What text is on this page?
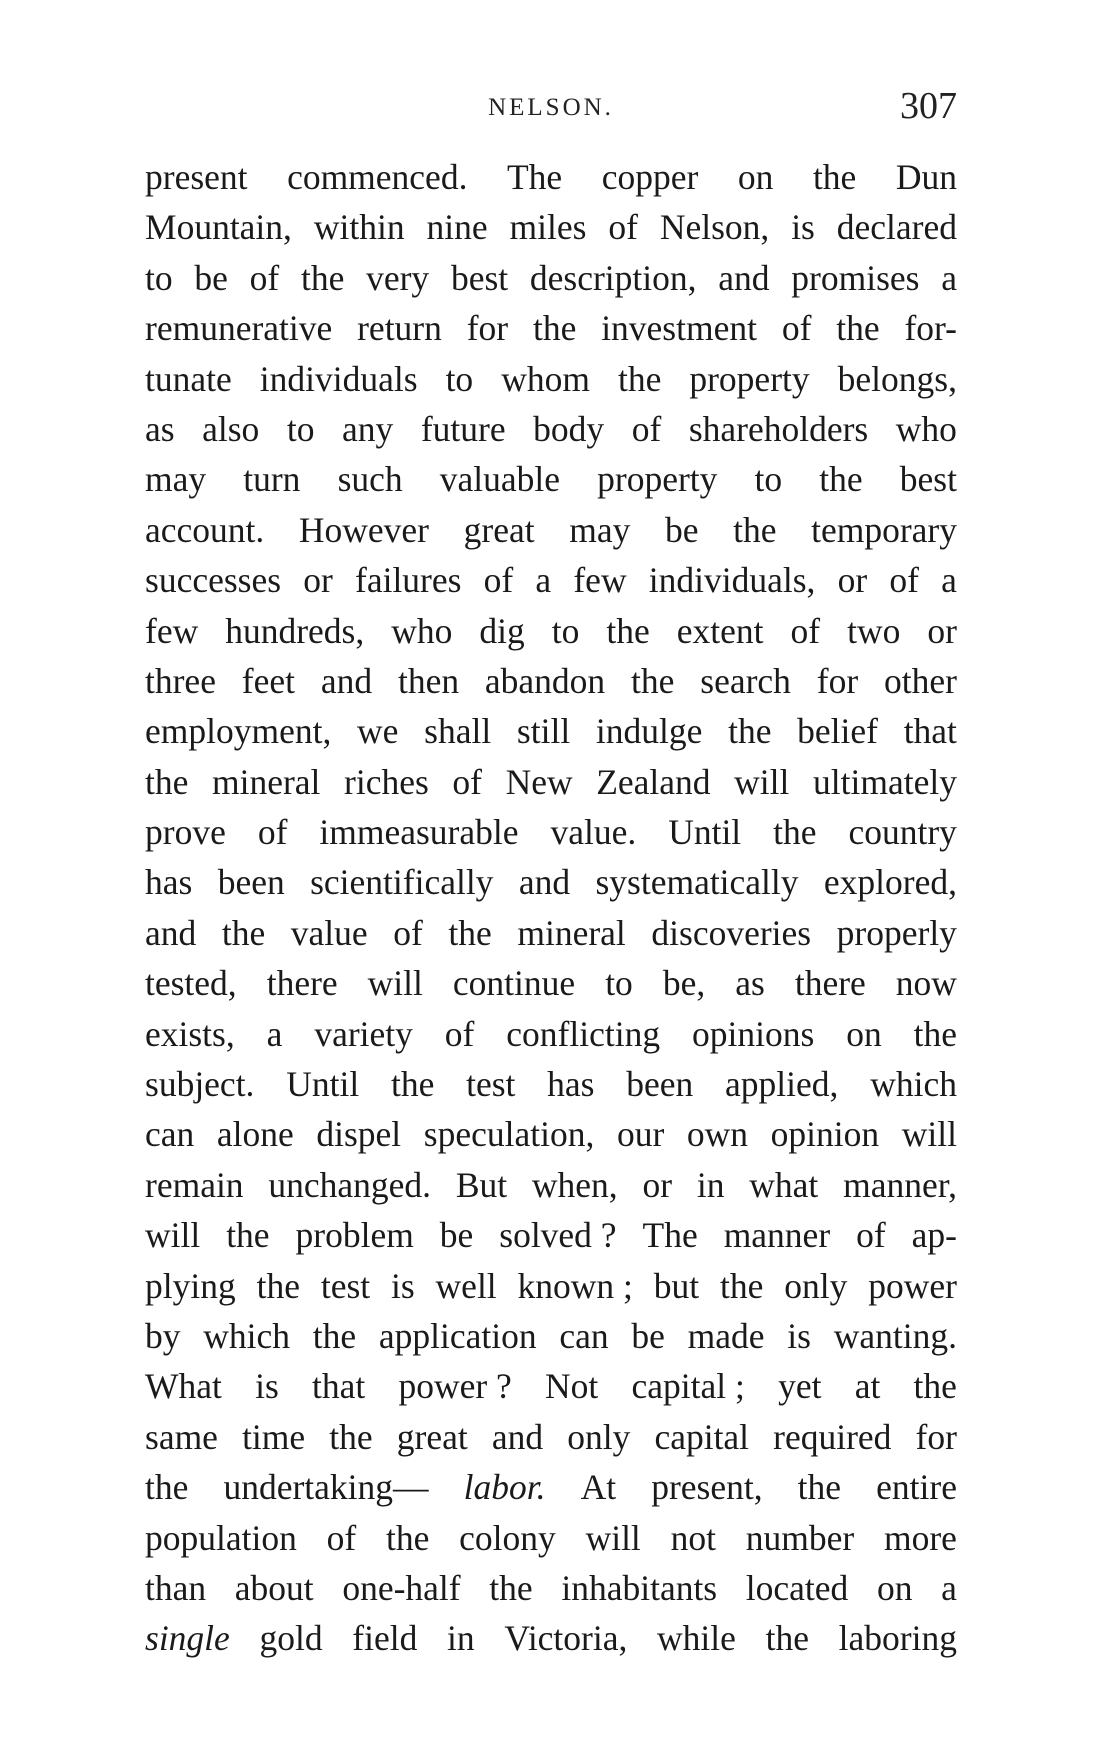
NELSON.	307
present commenced. The copper on the Dun
Mountain, within nine miles of Nelson, is declared
to be of the very best description, and promises a
remunerative return for the investment of the for-
tunate individuals to whom the property belongs,
as also to any future body of shareholders who
may turn such valuable property to the best
account. However great may be the temporary
successes or failures of a few individuals, or of a
few hundreds, who dig to the extent of two or
three feet and then abandon the search for other
employment, we shall still indulge the belief that
the mineral riches of New Zealand will ultimately
prove of immeasurable value. Until the country
has been scientifically and systematically explored,
and the value of the mineral discoveries properly
tested, there will continue to be, as there now
exists, a variety of conflicting opinions on the
subject. Until the test has been applied, which
can alone dispel speculation, our own opinion will
remain unchanged. But when, or in what manner,
will the problem be solved ? The manner of ap-
plying the test is well known ; but the only power
by which the application can be made is wanting.
What is that power ? Not capital ; yet at the
same time the great and only capital required for
the undertaking— labor. At present, the entire
population of the colony will not number more
than about one-half the inhabitants located on a
single gold field in Victoria, while the laboring
